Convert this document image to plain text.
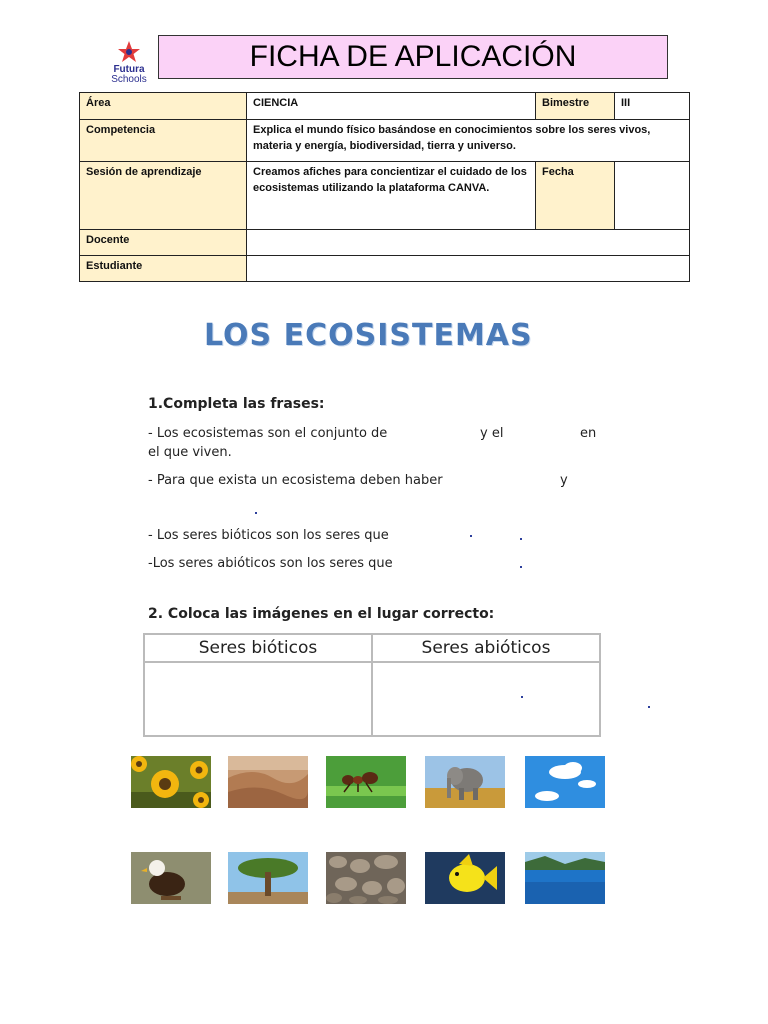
Futura
Schools
FICHA DE APLICACIÓN
Área	CIENCIA	Bimestre	III
Competencia	Explica el mundo físico basándose en conocimientos sobre los seres vivos, materia y energía, biodiversidad, tierra y universo.		
Sesión de aprendizaje	Creamos afiches para concientizar el cuidado de los ecosistemas utilizando la plataforma CANVA.	Fecha	
Docente			
Estudiante			
LOS ECOSISTEMAS
1.Completa las frases:
- Los ecosistemas son el conjunto de	y el	en
el que viven.
- Para que exista un ecosistema deben haber	y
- Los seres bióticos son los seres que
-Los seres abióticos son los seres que
2. Coloca las imágenes en el lugar correcto:
Seres bióticos	Seres abióticos
